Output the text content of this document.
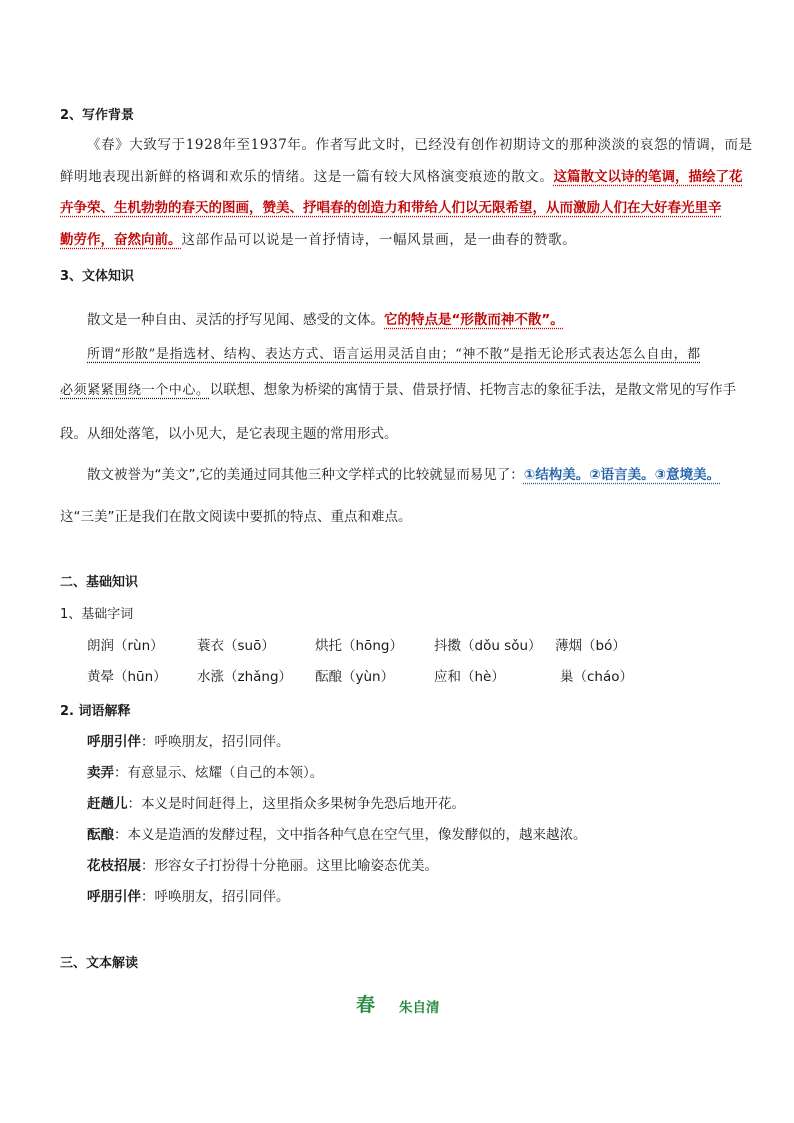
2、写作背景
《春》大致写于1928年至1937年。作者写此文时，已经没有创作初期诗文的那种淡淡的哀怨的情调，而是
鲜明地表现出新鲜的格调和欢乐的情绪。这是一篇有较大风格演变痕迹的散文。这篇散文以诗的笔调，描绘了花
卉争荣、生机勃勃的春天的图画，赞美、抒唱春的创造力和带给人们以无限希望，从而激励人们在大好春光里辛
勤劳作，奋然向前。这部作品可以说是一首抒情诗，一幅风景画，是一曲春的赞歌。
3、文体知识
散文是一种自由、灵活的抒写见闻、感受的文体。它的特点是“形散而神不散”。
所谓“形散”是指选材、结构、表达方式、语言运用灵活自由；“神不散”是指无论形式表达怎么自由，都
必须紧紧围绕一个中心。以联想、想象为桥梁的寓情于景、借景抒情、托物言志的象征手法，是散文常见的写作手
段。从细处落笔，以小见大，是它表现主题的常用形式。
散文被誉为“美文”,它的美通过同其他三种文学样式的比较就显而易见了：①结构美。②语言美。③意境美。
这“三美”正是我们在散文阅读中要抓的特点、重点和难点。
二、基础知识
1、基础字词
朗润（rùn） 蓑衣（suō）	烘托（hōng） 抖擞（dǒu sǒu） 薄烟（bó）
黄晕（hūn） 水涨（zhǎng） 酝酿（yùn）	应和（hè）	巢（cháo）
2. 词语解释
呼朋引伴：呼唤朋友，招引同伴。
卖弄：有意显示、炫耀（自己的本领）。
赶趟儿：本义是时间赶得上，这里指众多果树争先恐后地开花。
酝酿：本义是造酒的发酵过程，文中指各种气息在空气里，像发酵似的，越来越浓。
花枝招展：形容女子打扮得十分艳丽。这里比喻姿态优美。
呼朋引伴：呼唤朋友，招引同伴。
三、文本解读
春 朱自清
